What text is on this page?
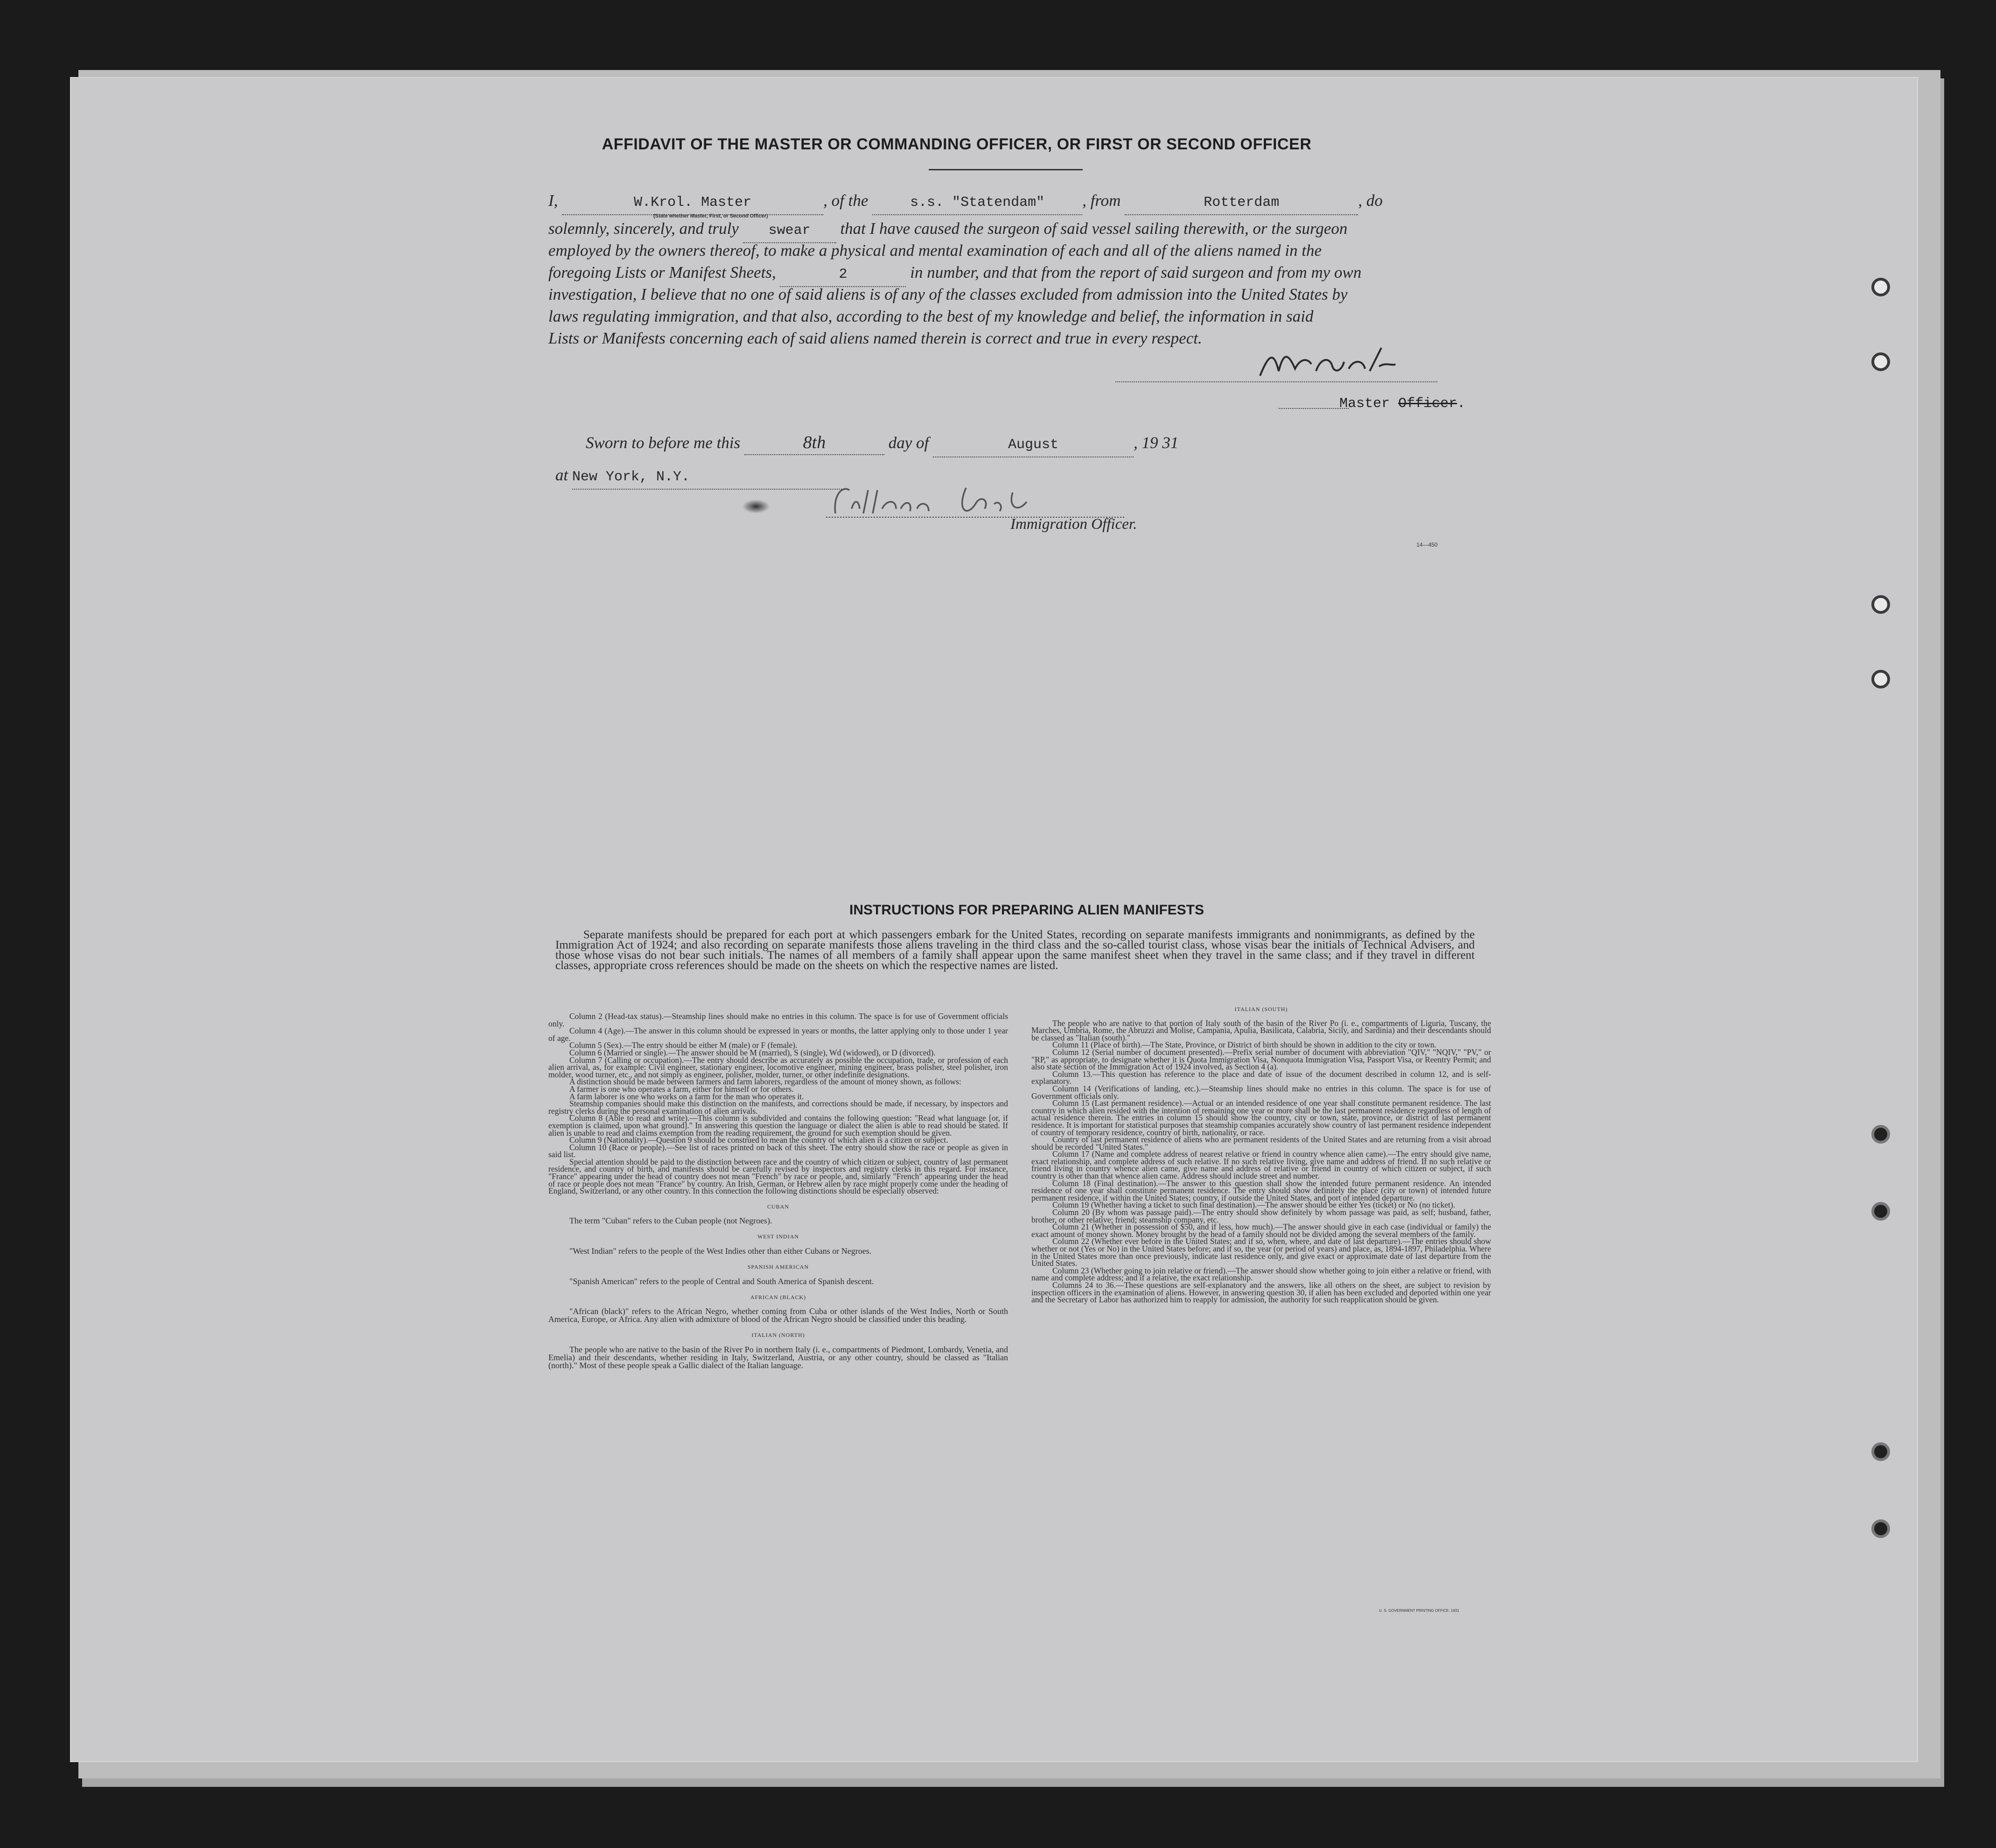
AFFIDAVIT OF THE MASTER OR COMMANDING OFFICER, OR FIRST OR SECOND OFFICER
I,	W.Krol. Master	, of the	s.s. "Statendam" , from	Rotterdam	, do
(State whether Master, First, or Second Officer)
solemnly, sincerely, and truly swear that I have caused the surgeon of said vessel sailing therewith, or the surgeon
employed by the owners thereof, to make a physical and mental examination of each and all of the aliens named in the
foregoing Lists or Manifest Sheets,	2	in number, and that from the report of said surgeon and from my own
investigation, I believe that no one of said aliens is of any of the classes excluded from admission into the United States by
laws regulating immigration, and that also, according to the best of my knowledge and belief, the information in said
Lists or Manifests concerning each of said aliens named therein is correct and true in every respect.
Master Officer.
Sworn to before me this	8th	day of	August	, 19 31
at New York, N.Y.
Immigration Officer.
14—450
INSTRUCTIONS FOR PREPARING ALIEN MANIFESTS
Separate manifests should be prepared for each port at which passengers embark for the United States, recording on separate manifests immigrants and nonimmigrants, as defined by the Immigration Act of 1924; and also recording on separate manifests those aliens traveling in the third class and the so-called tourist class, whose visas bear the initials of Technical Advisers, and those whose visas do not bear such initials. The names of all members of a family shall appear upon the same manifest sheet when they travel in the same class; and if they travel in different classes, appropriate cross references should be made on the sheets on which the respective names are listed.

Column 2 (Head-tax status).—Steamship lines should make no entries in this column. The space is for use of Government officials only.

Column 4 (Age).—The answer in this column should be expressed in years or months, the latter applying only to those under 1 year of age.

Column 5 (Sex).—The entry should be either M (male) or F (female).

Column 6 (Married or single).—The answer should be M (married), S (single), Wd (widowed), or D (divorced).

Column 7 (Calling or occupation).—The entry should describe as accurately as possible the occupation, trade, or profession of each alien arrival, as, for example: Civil engineer, stationary engineer, locomotive engineer, mining engineer, brass polisher, steel polisher, iron molder, wood turner, etc., and not simply as engineer, polisher, molder, turner, or other indefinite designations.

A distinction should be made between farmers and farm laborers, regardless of the amount of money shown, as follows:

A farmer is one who operates a farm, either for himself or for others.

A farm laborer is one who works on a farm for the man who operates it.

Steamship companies should make this distinction on the manifests, and corrections should be made, if necessary, by inspectors and registry clerks during the personal examination of alien arrivals.

Column 8 (Able to read and write).—This column is subdivided and contains the following question: "Read what language [or, if exemption is claimed, upon what ground]." In answering this question the language or dialect the alien is able to read should be stated. If alien is unable to read and claims exemption from the reading requirement, the ground for such exemption should be given.

Column 9 (Nationality).—Question 9 should be construed to mean the country of which alien is a citizen or subject.

Column 10 (Race or people).—See list of races printed on back of this sheet. The entry should show the race or people as given in said list.

Special attention should be paid to the distinction between race and the country of which citizen or subject, country of last permanent residence, and country of birth, and manifests should be carefully revised by inspectors and registry clerks in this regard. For instance, "France" appearing under the head of country does not mean "French" by race or people, and, similarly "French" appearing under the head of race or people does not mean "France" by country. An Irish, German, or Hebrew alien by race might properly come under the heading of England, Switzerland, or any other country. In this connection the following distinctions should be especially observed:

CUBAN

The term "Cuban" refers to the Cuban people (not Negroes).

WEST INDIAN

"West Indian" refers to the people of the West Indies other than either Cubans or Negroes.

SPANISH AMERICAN

"Spanish American" refers to the people of Central and South America of Spanish descent.

AFRICAN (BLACK)

"African (black)" refers to the African Negro, whether coming from Cuba or other islands of the West Indies, North or South America, Europe, or Africa. Any alien with admixture of blood of the African Negro should be classified under this heading.

ITALIAN (NORTH)

The people who are native to the basin of the River Po in northern Italy (i. e., compartments of Piedmont, Lombardy, Venetia, and Emelia) and their descendants, whether residing in Italy, Switzerland, Austria, or any other country, should be classed as "Italian (north)." Most of these people speak a Gallic dialect of the Italian language.

ITALIAN (SOUTH)

The people who are native to that portion of Italy south of the basin of the River Po (i. e., compartments of Liguria, Tuscany, the Marches, Umbria, Rome, the Abruzzi and Molise, Campania, Apulia, Basilicata, Calabria, Sicily, and Sardinia) and their descendants should be classed as "Italian (south)."

Column 11 (Place of birth).—The State, Province, or District of birth should be shown in addition to the city or town.

Column 12 (Serial number of document presented).—Prefix serial number of document with abbreviation "QIV," "NQIV," "PV," or "RP," as appropriate, to designate whether it is Quota Immigration Visa, Nonquota Immigration Visa, Passport Visa, or Reentry Permit; and also state section of the Immigration Act of 1924 involved, as Section 4 (a).

Column 13.—This question has reference to the place and date of issue of the document described in column 12, and is self-explanatory.

Column 14 (Verifications of landing, etc.).—Steamship lines should make no entries in this column. The space is for use of Government officials only.

Column 15 (Last permanent residence).—Actual or an intended residence of one year shall constitute permanent residence. The last country in which alien resided with the intention of remaining one year or more shall be the last permanent residence regardless of length of actual residence therein. The entries in column 15 should show the country, city or town, state, province, or district of last permanent residence. It is important for statistical purposes that steamship companies accurately show country of last permanent residence independent of country of temporary residence, country of birth, nationality, or race.

Country of last permanent residence of aliens who are permanent residents of the United States and are returning from a visit abroad should be recorded "United States."

Column 17 (Name and complete address of nearest relative or friend in country whence alien came).—The entry should give name, exact relationship, and complete address of such relative. If no such relative living, give name and address of friend. If no such relative or friend living in country whence alien came, give name and address of relative or friend in country of which citizen or subject, if such country is other than that whence alien came. Address should include street and number.

Column 18 (Final destination).—The answer to this question shall show the intended future permanent residence. An intended residence of one year shall constitute permanent residence. The entry should show definitely the place (city or town) of intended future permanent residence, if within the United States; country, if outside the United States, and port of intended departure.

Column 19 (Whether having a ticket to such final destination).—The answer should be either Yes (ticket) or No (no ticket).

Column 20 (By whom was passage paid).—The entry should show definitely by whom passage was paid, as self; husband, father, brother, or other relative; friend; steamship company, etc.

Column 21 (Whether in possession of $50, and if less, how much).—The answer should give in each case (individual or family) the exact amount of money shown. Money brought by the head of a family should not be divided among the several members of the family.

Column 22 (Whether ever before in the United States; and if so, when, where, and date of last departure).—The entries should show whether or not (Yes or No) in the United States before; and if so, the year (or period of years) and place, as, 1894-1897, Philadelphia. Where in the United States more than once previously, indicate last residence only, and give exact or approximate date of last departure from the United States.

Column 23 (Whether going to join relative or friend).—The answer should show whether going to join either a relative or friend, with name and complete address; and if a relative, the exact relationship.

Columns 24 to 36.—These questions are self-explanatory and the answers, like all others on the sheet, are subject to revision by inspection officers in the examination of aliens. However, in answering question 30, if alien has been excluded and deported within one year and the Secretary of Labor has authorized him to reapply for admission, the authority for such reapplication should be given.

U. S. GOVERNMENT PRINTING OFFICE: 1931
